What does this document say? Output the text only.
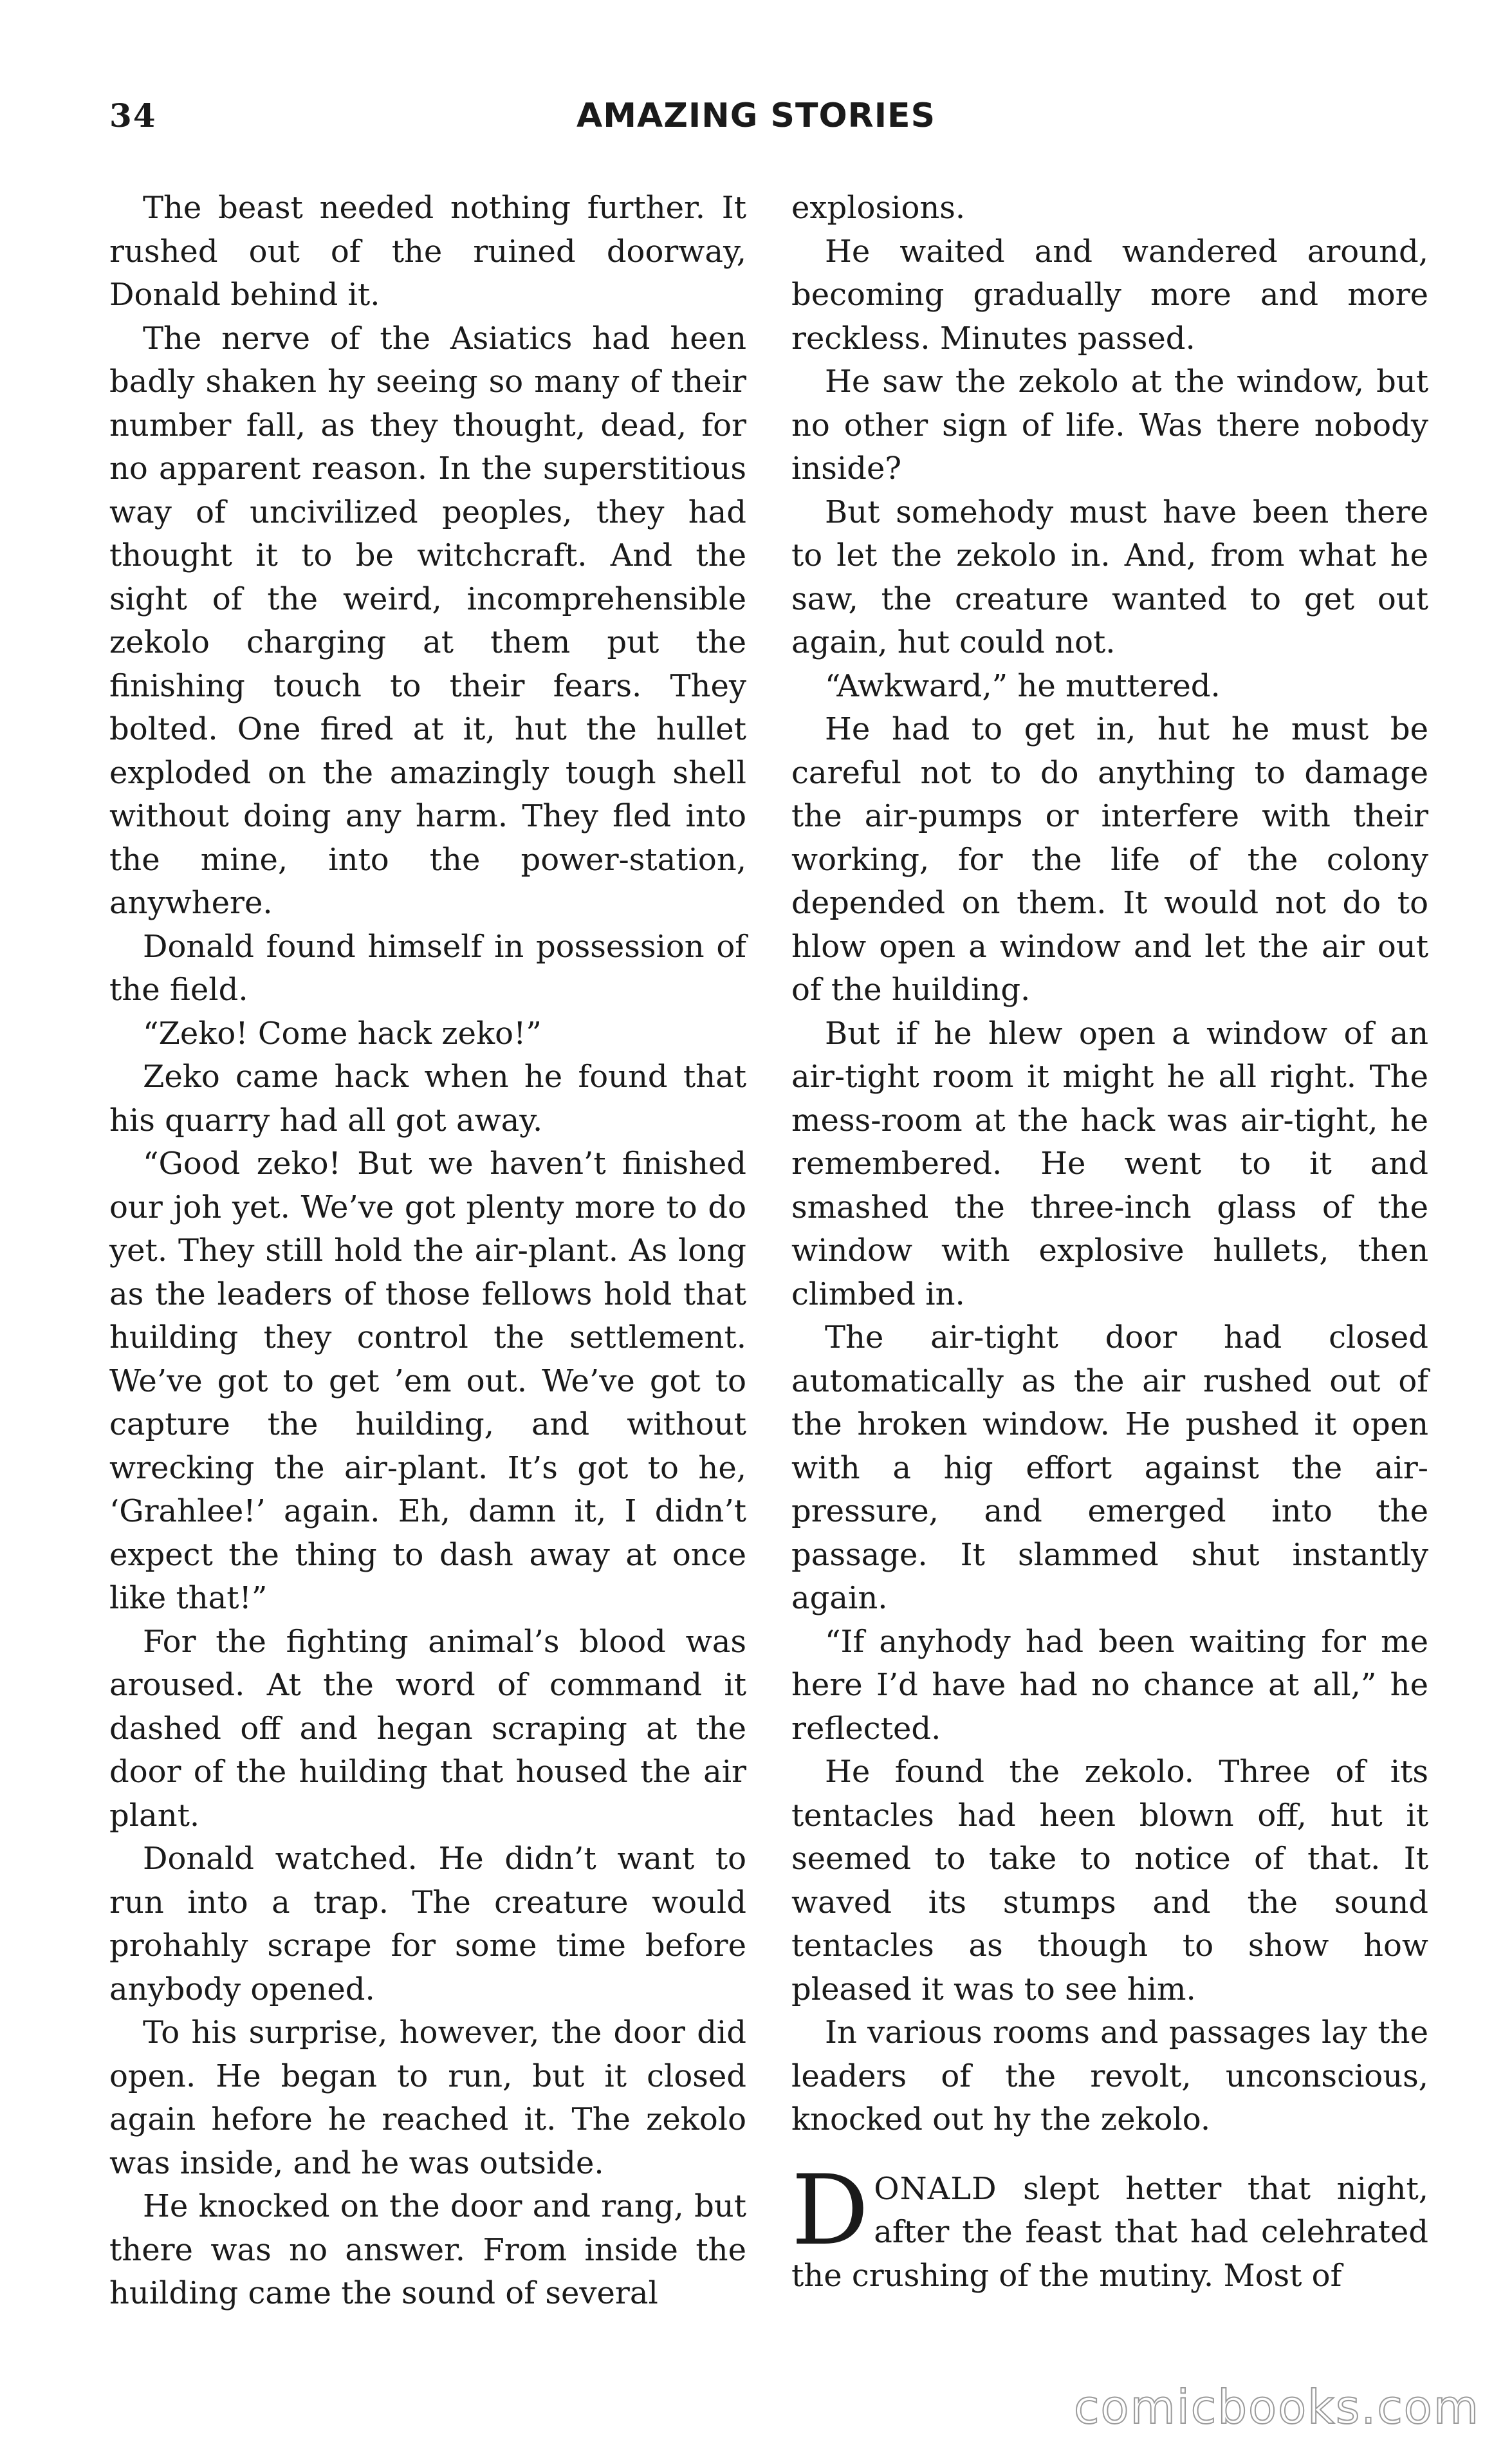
34	AMAZING STORIES

The beast needed nothing further. It rushed out of the ruined doorway, Donald behind it.

The nerve of the Asiatics had heen badly shaken hy seeing so many of their number fall, as they thought, dead, for no apparent reason. In the superstitious way of uncivilized peoples, they had thought it to be witchcraft. And the sight of the weird, incomprehensible zekolo charging at them put the finishing touch to their fears. They bolted. One fired at it, hut the hullet exploded on the amazingly tough shell without doing any harm. They fled into the mine, into the power-station, anywhere.

Donald found himself in possession of the field.

“Zeko! Come hack zeko!”

Zeko came hack when he found that his quarry had all got away.

“Good zeko! But we haven’t finished our joh yet. We’ve got plenty more to do yet. They still hold the air-plant. As long as the leaders of those fellows hold that huilding they control the settlement. We’ve got to get ’em out. We’ve got to capture the huilding, and without wrecking the air-plant. It’s got to he, ‘Grahlee!’ again. Eh, damn it, I didn’t expect the thing to dash away at once like that!”

For the fighting animal’s blood was aroused. At the word of command it dashed off and hegan scraping at the door of the huilding that housed the air plant.

Donald watched. He didn’t want to run into a trap. The creature would prohahly scrape for some time before anybody opened.

To his surprise, however, the door did open. He began to run, but it closed again hefore he reached it. The zekolo was inside, and he was outside.

He knocked on the door and rang, but there was no answer. From inside the huilding came the sound of several

explosions.

He waited and wandered around, becoming gradually more and more reckless. Minutes passed.

He saw the zekolo at the window, but no other sign of life. Was there nobody inside?

But somehody must have been there to let the zekolo in. And, from what he saw, the creature wanted to get out again, hut could not.

“Awkward,” he muttered.

He had to get in, hut he must be careful not to do anything to damage the air-pumps or interfere with their working, for the life of the colony depended on them. It would not do to hlow open a window and let the air out of the huilding.

But if he hlew open a window of an air-tight room it might he all right. The mess-room at the hack was air-tight, he remembered. He went to it and smashed the three-inch glass of the window with explosive hullets, then climbed in.

The air-tight door had closed automatically as the air rushed out of the hroken window. He pushed it open with a hig effort against the air-pressure, and emerged into the passage. It slammed shut instantly again.

“If anyhody had been waiting for me here I’d have had no chance at all,” he reflected.

He found the zekolo. Three of its tentacles had heen blown off, hut it seemed to take to notice of that. It waved its stumps and the sound tentacles as though to show how pleased it was to see him.

In various rooms and passages lay the leaders of the revolt, unconscious, knocked out hy the zekolo.

DONALD slept hetter that night, after the feast that had celehrated the crushing of the mutiny. Most of

comicbooks.com
